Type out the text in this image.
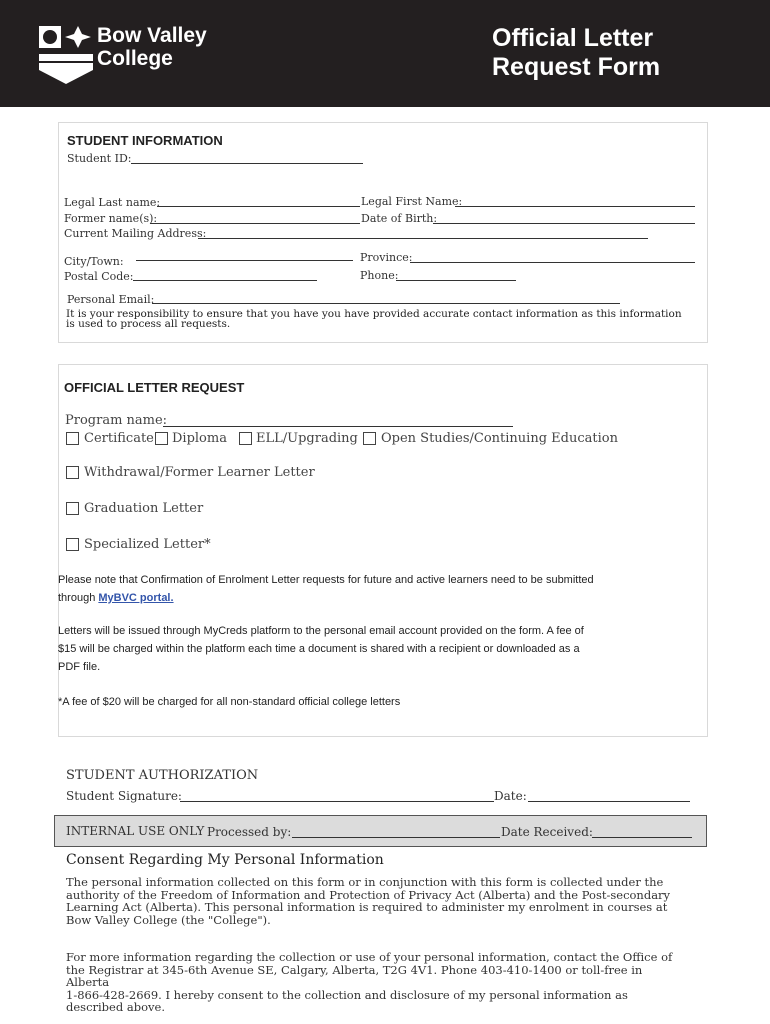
Bow Valley
College
Official Letter
Request Form
STUDENT INFORMATION
Student ID:
Legal Last name:	Legal First Name:
Former name(s):	Date of Birth:
Current Mailing Address:
City/Town:	Province:
Postal Code:	Phone:
Personal Email:
It is your responsibility to ensure that you have you have provided accurate contact information as this information
is used to process all requests.
OFFICIAL LETTER REQUEST
Program name:
Certificate Diploma ELL/Upgrading Open Studies/Continuing Education
Withdrawal/Former Learner Letter
Graduation Letter
Specialized Letter*
Please note that Confirmation of Enrolment Letter requests for future and active learners need to be submitted
through MyBVC portal.
Letters will be issued through MyCreds platform to the personal email account provided on the form. A fee of
$15 will be charged within the platform each time a document is shared with a recipient or downloaded as a
PDF file.
*A fee of $20 will be charged for all non-standard official college letters
STUDENT AUTHORIZATION
Student Signature:	Date:
INTERNAL USE ONLY Processed by:	Date Received:
Consent Regarding My Personal Information
The personal information collected on this form or in conjunction with this form is collected under the
authority of the Freedom of Information and Protection of Privacy Act (Alberta) and the Post-secondary
Learning Act (Alberta). This personal information is required to administer my enrolment in courses at
Bow Valley College (the "College").
For more information regarding the collection or use of your personal information, contact the Office of
the Registrar at 345-6th Avenue SE, Calgary, Alberta, T2G 4V1. Phone 403-410-1400 or toll-free in Alberta
1-866-428-2669. I hereby consent to the collection and disclosure of my personal information as
described above.
